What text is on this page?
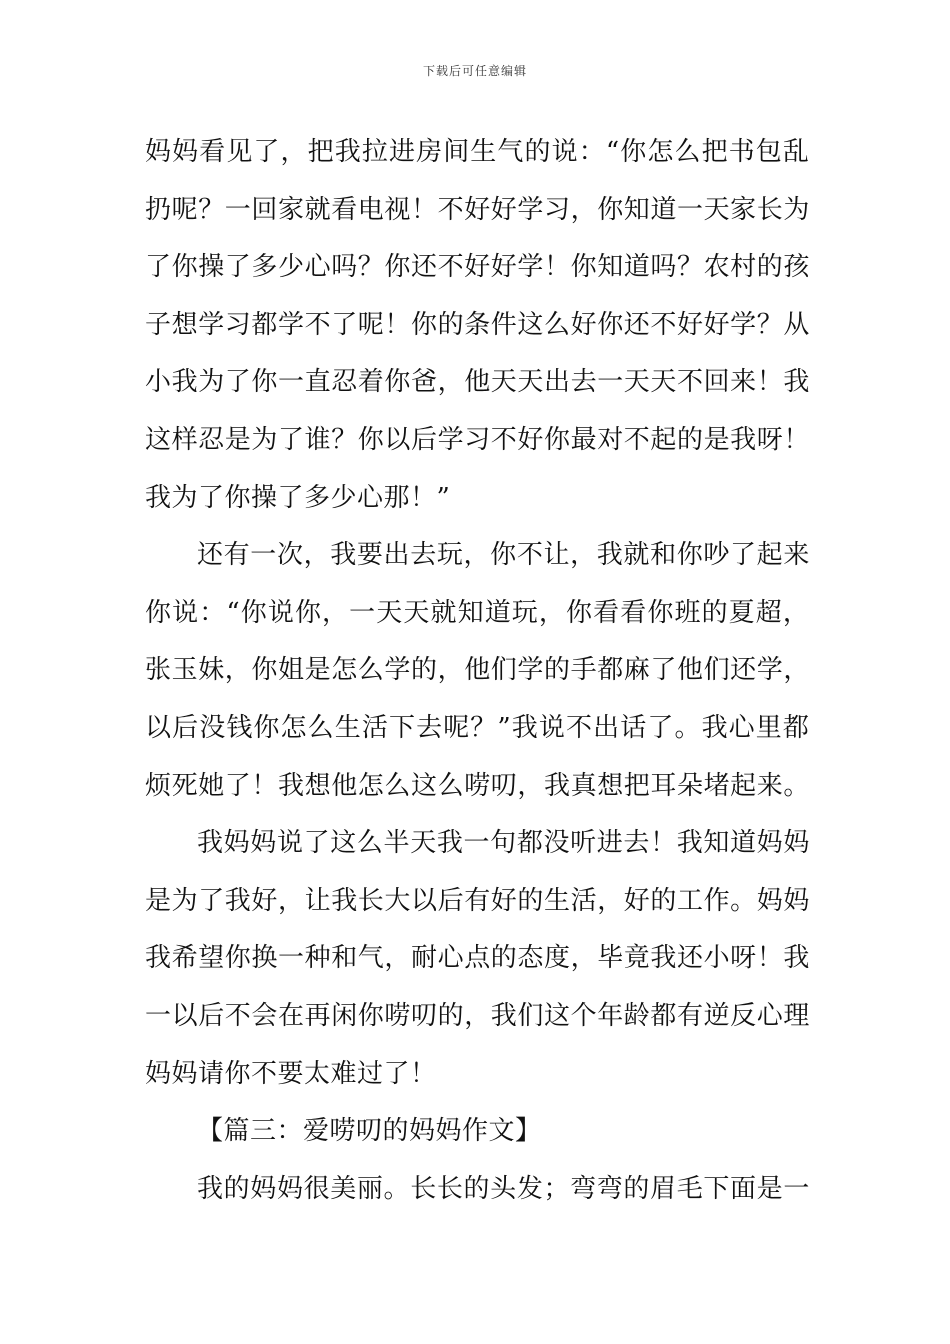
下载后可任意编辑
妈妈看见了，把我拉进房间生气的说：“你怎么把书包乱
扔呢？一回家就看电视！不好好学习，你知道一天家长为
了你操了多少心吗？你还不好好学！你知道吗？农村的孩
子想学习都学不了呢！你的条件这么好你还不好好学？从
小我为了你一直忍着你爸，他天天出去一天天不回来！我
这样忍是为了谁？你以后学习不好你最对不起的是我呀！
我为了你操了多少心那！”
还有一次，我要出去玩，你不让，我就和你吵了起来
你说：“你说你，一天天就知道玩，你看看你班的夏超，
张玉妹，你姐是怎么学的，他们学的手都麻了他们还学，
以后没钱你怎么生活下去呢？”我说不出话了。我心里都
烦死她了！我想他怎么这么唠叨，我真想把耳朵堵起来。
我妈妈说了这么半天我一句都没听进去！我知道妈妈
是为了我好，让我长大以后有好的生活，好的工作。妈妈
我希望你换一种和气，耐心点的态度，毕竟我还小呀！我
一以后不会在再闲你唠叨的，我们这个年龄都有逆反心理
妈妈请你不要太难过了！
【篇三：爱唠叨的妈妈作文】
我的妈妈很美丽。长长的头发；弯弯的眉毛下面是一
